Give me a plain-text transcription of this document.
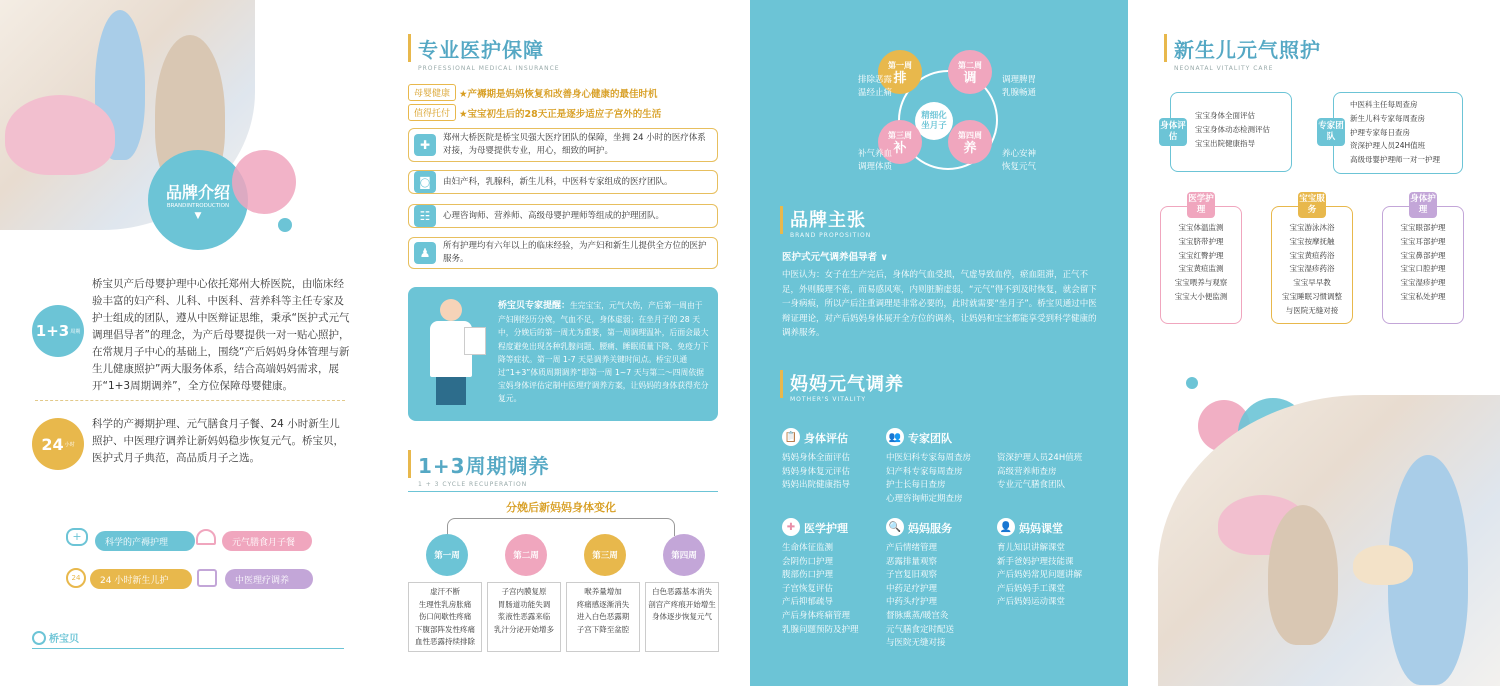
品牌介绍
BRANDINTRODUCTION
▼
1+3 周期
桥宝贝产后母婴护理中心依托郑州大桥医院，由临床经验丰富的妇产科、儿科、中医科、营养科等主任专家及护士组成的团队，遵从中医辩证思维，秉承“医护式元气调理倡导者”的理念，为产后母婴提供一对一贴心照护，在常规月子中心的基础上，围绕“产后妈妈身体管理与新生儿健康照护”两大服务体系，结合高端妈妈需求，展开“1+3周期调养”，全方位保障母婴健康。
24 小时
科学的产褥期护理、元气膳食月子餐、24 小时新生儿照护、中医理疗调养让新妈妈稳步恢复元气。桥宝贝，医护式月子典范，高品质月子之选。
+	科学的产褥护理	元气膳食月子餐
24	24 小时新生儿护	中医理疗调养
桥宝贝
专业医护保障
PROFESSIONAL MEDICAL INSURANCE
母婴健康 ★产褥期是妈妈恢复和改善身心健康的最佳时机
值得托付 ★宝宝初生后的28天正是逐步适应子宫外的生活
✚	郑州大桥医院是桥宝贝强大医疗团队的保障，坐拥 24 小时的医疗体系对接，为母婴提供专业，用心，细致的呵护。
◙	由妇产科，乳腺科，新生儿科，中医科专家组成的医疗团队。
☷	心理咨询师、营养师、高级母婴护理师等组成的护理团队。
♟	所有护理均有六年以上的临床经验，为产妇和新生儿提供全方位的医护服务。
桥宝贝专家提醒：生完宝宝，元气大伤，产后第一周由于产妇刚经历分娩，气血不足，身体虚弱；在坐月子的 28 天中，分娩后的第一周尤为重要，第一周调理温补，后面会最大程度避免出现各种乳腺问题、腰痛、睡眠质量下降、免疫力下降等症状。第一周 1-7 天是调养关键时间点。桥宝贝通过“1+3”体质周期调养“即第一周 1~7 天与第二～四周依据宝妈身体评估定制中医理疗调养方案，让妈妈的身体获得充分复元。
1+3周期调养
1 + 3 CYCLE RECUPERATION
分娩后新妈妈身体变化
第一周
虚汗不断
生理性乳房胀痛
伤口间歇性疼痛
下腹部阵发性疼痛
血性恶露持续排除
第二周
子宫内膜复原
胃肠道功能失调
浆液性恶露来临
乳汁分泌开始增多
第三周
喉养量增加
疼痛感逐渐消失
进入白色恶露期
子宫下降至盆腔
第四周
白色恶露基本消失
剖宫产疼痕开始增生
身体逐步恢复元气
精细化
坐月子
第一周
排
排除恶露
温经止痛
第二周
调	调理脾胃
乳腺畅通
第三周
补
补气养血
调理体质
第四周
养	养心安神
恢复元气
品牌主张
BRAND PROPOSITION
医护式元气调养倡导者 ∨
中医认为：女子在生产完后，身体的气血受损，气虚导致血停，瘀血阻滞，正气不足，外则腠理不密，而易感风寒，内则脏腑虚弱，“元气”得不到及时恢复，就会留下一身病痕，所以产后注重调理是非常必要的，此时就需要“坐月子”。桥宝贝通过中医辩证理论，对产后妈妈身体展开全方位的调养，让妈妈和宝宝都能享受到科学健康的调养服务。
妈妈元气调养
MOTHER'S VITALITY
📋 身体评估
妈妈身体全面评估
妈妈身体复元评估
妈妈出院健康指导
👥 专家团队
中医妇科专家每周查房
妇产科专家每周查房
护士长每日查房
心理咨询师定期查房
资深护理人员24H值班
高级营养师查房
专业元气膳食团队
✚ 医学护理
生命体征监测
会阴伤口护理
腹部伤口护理
子宫恢复评估
产后抑郁疏导
产后身体疼痛管理
乳腺问题预防及护理
🔍 妈妈服务
产后情绪管理
恶露排量观察
子宫复旧观察
中药足疗护理
中药头疗护理
督脉熏蒸/暖宫灸
元气膳食定时配送
与医院无缝对接
👤 妈妈课堂
育儿知识讲解课堂
新手爸妈护理技能课
产后妈妈常见问题讲解
产后妈妈手工课堂
产后妈妈运动课堂
新生儿元气照护
NEONATAL VITALITY CARE
宝宝身体全面评估
宝宝身体动态检测评估
宝宝出院健康指导
身体评估
中医科主任每周查房
新生儿科专家每周查房
护理专家每日查房
资深护理人员24H值班
高级母婴护理师一对一护理
专家团队
宝宝体温监测
宝宝脐带护理
宝宝红臀护理
宝宝黄疸监测
宝宝喂养与观察
宝宝大小便监测
医学护理
宝宝游泳沐浴
宝宝按摩抚触
宝宝黄疸药浴
宝宝湿疹药浴
宝宝早早教
宝宝睡眠习惯调整
与医院无缝对接
宝宝服务
宝宝眼部护理
宝宝耳部护理
宝宝鼻部护理
宝宝口腔护理
宝宝湿疹护理
宝宝私处护理
身体护理
